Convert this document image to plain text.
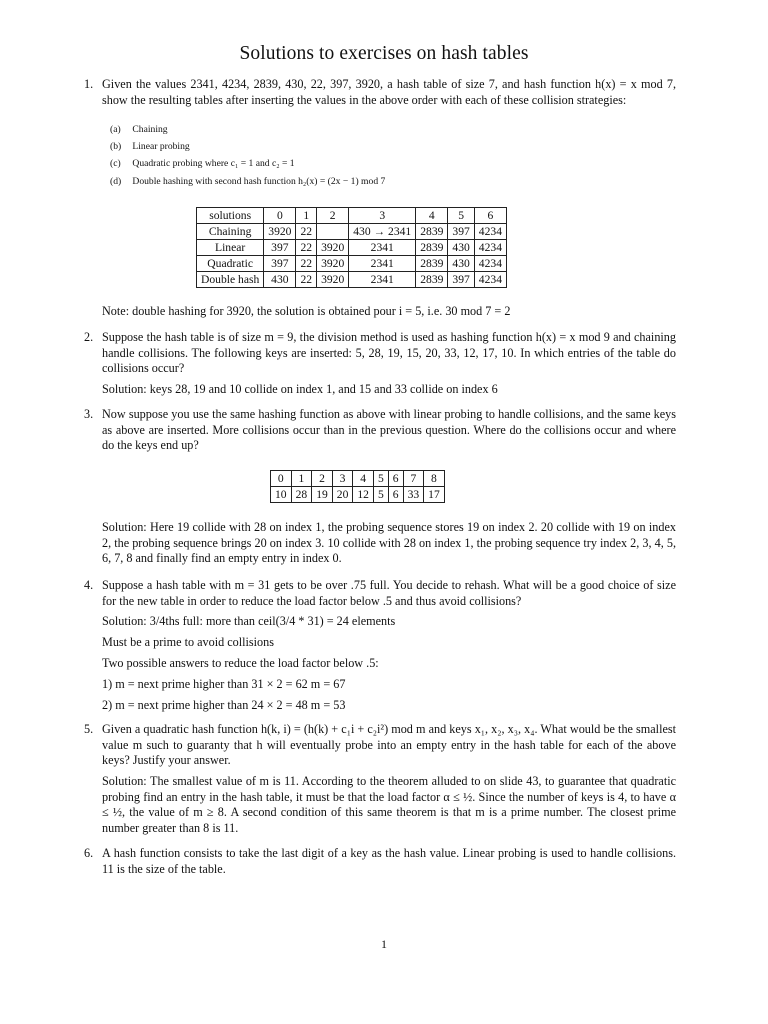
Solutions to exercises on hash tables
1. Given the values 2341, 4234, 2839, 430, 22, 397, 3920, a hash table of size 7, and hash function h(x) = x mod 7, show the resulting tables after inserting the values in the above order with each of these collision strategies:

(a) Chaining
(b) Linear probing
(c) Quadratic probing where c₁ = 1 and c₂ = 1
(d) Double hashing with second hash function h₂(x) = (2x − 1) mod 7
solutions	0	1	2	3	4	5	6
Chaining	3920	22		430 → 2341	2839	397	4234
Linear	397	22	3920	2341	2839	430	4234
Quadratic	397	22	3920	2341	2839	430	4234
Double hash	430	22	3920	2341	2839	397	4234

Note: double hashing for 3920, the solution is obtained pour i = 5, i.e. 30 mod 7 = 2

2. Suppose the hash table is of size m = 9, the division method is used as hashing function h(x) = x mod 9 and chaining handle collisions. The following keys are inserted: 5, 28, 19, 15, 20, 33, 12, 17, 10. In which entries of the table do collisions occur?

Solution: keys 28, 19 and 10 collide on index 1, and 15 and 33 collide on index 6

3. Now suppose you use the same hashing function as above with linear probing to handle collisions, and the same keys as above are inserted. More collisions occur than in the previous question. Where do the collisions occur and where do the keys end up?

0	1	2	3	4	5	6	7	8
10	28	19	20	12	5	6	33	17

Solution: Here 19 collide with 28 on index 1, the probing sequence stores 19 on index 2. 20 collide with 19 on index 2, the probing sequence brings 20 on index 3. 10 collide with 28 on index 1, the probing sequence try index 2, 3, 4, 5, 6, 7, 8 and finally find an empty entry in index 0.

4. Suppose a hash table with m = 31 gets to be over .75 full. You decide to rehash. What will be a good choice of size for the new table in order to reduce the load factor below .5 and thus avoid collisions?

Solution: 3/4ths full: more than ceil(3/4 * 31) = 24 elements

Must be a prime to avoid collisions

Two possible answers to reduce the load factor below .5:

1) m = next prime higher than 31 × 2 = 62 m = 67

2) m = next prime higher than 24 × 2 = 48 m = 53

5. Given a quadratic hash function h(k, i) = (h(k) + c₁i + c₂i²) mod m and keys x₁, x₂, x₃, x₄. What would be the smallest value m such to guaranty that h will eventually probe into an empty entry in the hash table for each of the above keys? Justify your answer.

Solution: The smallest value of m is 11. According to the theorem alluded to on slide 43, to guarantee that quadratic probing find an entry in the hash table, it must be that the load factor α ≤ ½. Since the number of keys is 4, to have α ≤ ½, the value of m ≥ 8. A second condition of this same theorem is that m is a prime number. The closest prime number greater than 8 is 11.

6. A hash function consists to take the last digit of a key as the hash value. Linear probing is used to handle collisions. 11 is the size of the table.

1
